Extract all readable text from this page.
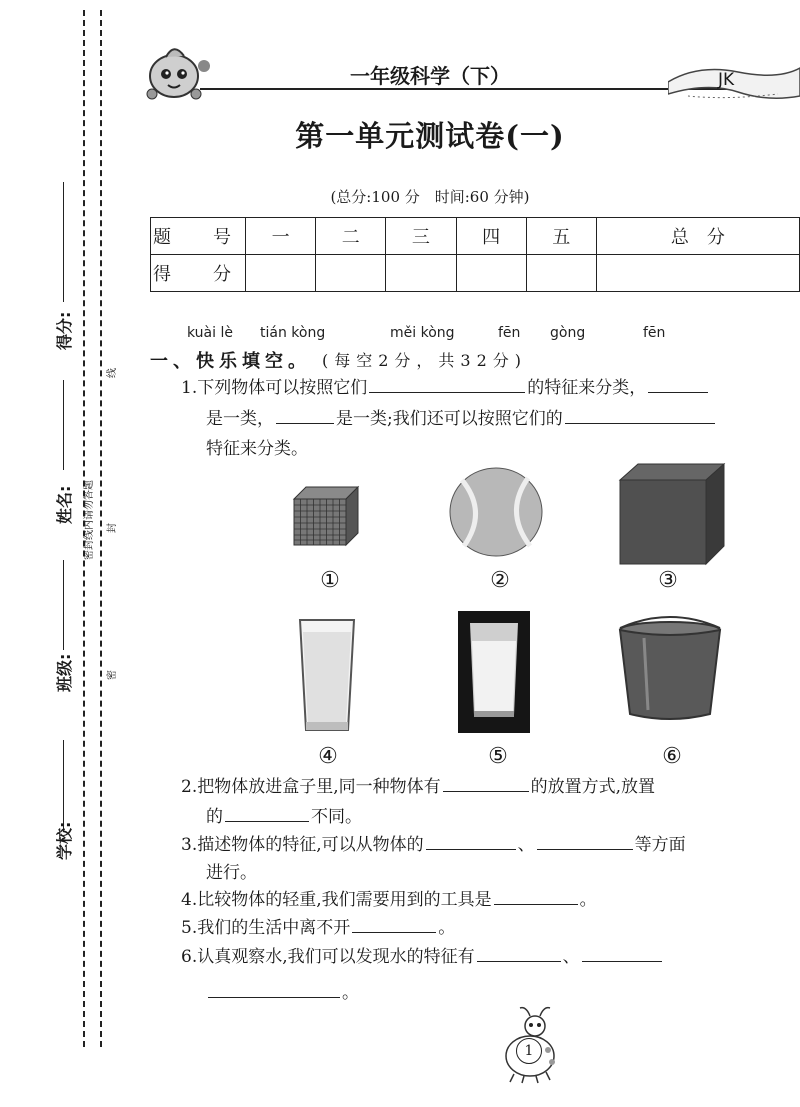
学校:
班级:
姓名:
得分:
密封线内请勿答题
密
封
线
一年级科学（下）	JK
第一单元测试卷(一)
(总分:100 分　时间:60 分钟)
题　号	一	二	三	四	五	总　分
得　分						
kuài lè tián kòng	měi kòng	fēn gòng	fēn
一、快乐填空。 (每空2分，共32分)
1.下列物体可以按照它们	的特征来分类，
是一类，	是一类;我们还可以按照它们的
特征来分类。
①	②	③
④	⑤	⑥
2.把物体放进盒子里,同一种物体有	的放置方式,放置
的	不同。
3.描述物体的特征,可以从物体的	、	等方面
进行。
4.比较物体的轻重,我们需要用到的工具是	。
5.我们的生活中离不开	。
6.认真观察水,我们可以发现水的特征有	、
。
1
